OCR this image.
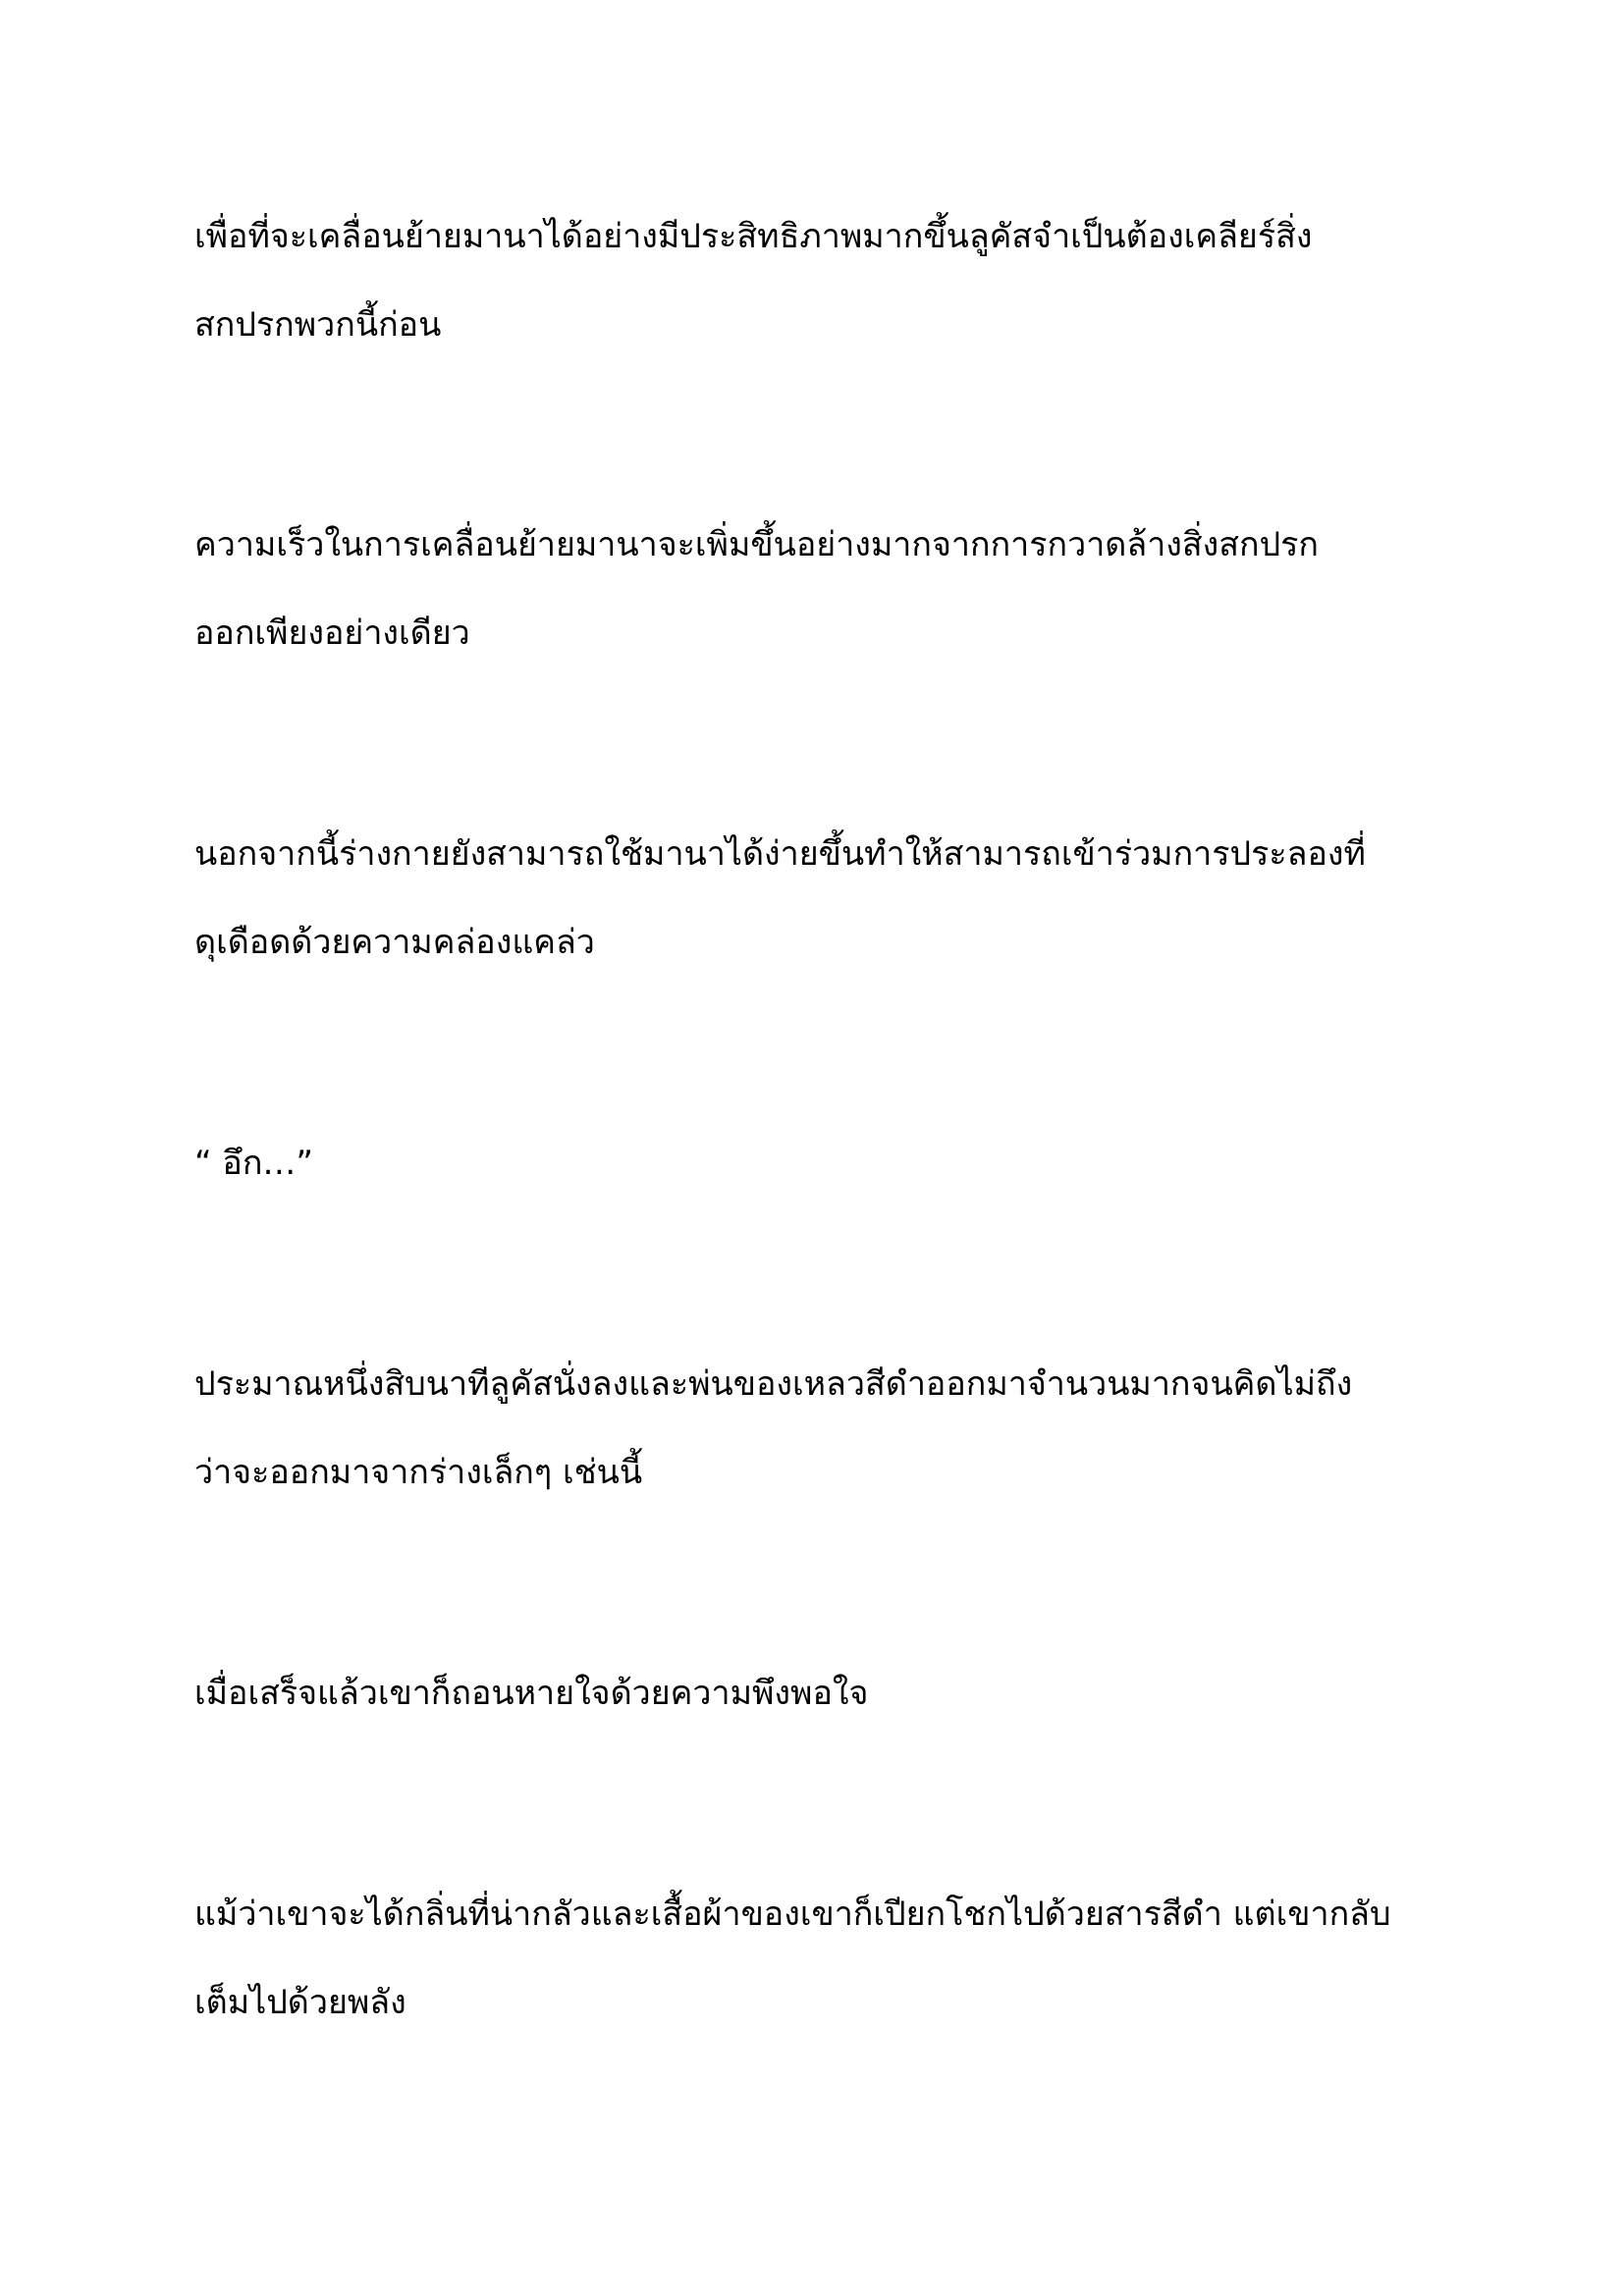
เพื่อที่จะเคลื่อนย้ายมานาได้อย่างมีประสิทธิภาพมากขึ้นลูคัสจำเป็นต้องเคลียร์สิ่ง
สกปรกพวกนี้ก่อน

ความเร็วในการเคลื่อนย้ายมานาจะเพิ่มขึ้นอย่างมากจากการกวาดล้างสิ่งสกปรก
ออกเพียงอย่างเดียว

นอกจากนี้ร่างกายยังสามารถใช้มานาได้ง่ายขึ้นทำให้สามารถเข้าร่วมการประลองที่
ดุเดือดด้วยความคล่องแคล่ว

“ อึก…”

ประมาณหนึ่งสิบนาทีลูคัสนั่งลงและพ่นของเหลวสีดำออกมาจำนวนมากจนคิดไม่ถึง
ว่าจะออกมาจากร่างเล็กๆ เช่นนี้

เมื่อเสร็จแล้วเขาก็ถอนหายใจด้วยความพึงพอใจ

แม้ว่าเขาจะได้กลิ่นที่น่ากลัวและเสื้อผ้าของเขาก็เปียกโชกไปด้วยสารสีดำ แต่เขากลับ
เต็มไปด้วยพลัง
